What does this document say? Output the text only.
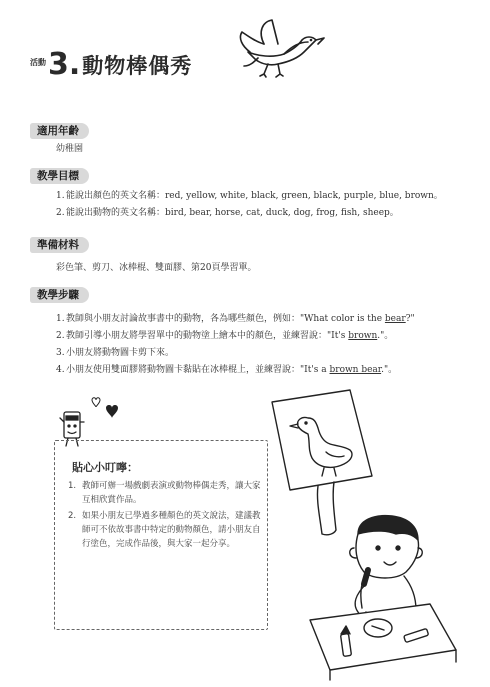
活動 3 . 動物棒偶秀
適用年齡
幼稚園
教學目標
1.能說出顏色的英文名稱：red, yellow, white, black, green, black, purple, blue, brown。
2.能說出動物的英文名稱：bird, bear, horse, cat, duck, dog, frog, fish, sheep。
準備材料
彩色筆、剪刀、冰棒棍、雙面膠、第20頁學習單。
教學步驟
1.教師與小朋友討論故事書中的動物，各為哪些顏色，例如："What color is the bear?"
2.教師引導小朋友將學習單中的動物塗上繪本中的顏色，並練習說："It's brown."。
3.小朋友將動物圖卡剪下來。
4.小朋友使用雙面膠將動物圖卡黏貼在冰棒棍上，並練習說："It's a brown bear."。
貼心小叮嚀：
1. 教師可辦一場戲劇表演或動物棒偶走秀，讓大家互相欣賞作品。
2. 如果小朋友已學過多種顏色的英文說法，建議教師可不依故事書中特定的動物顏色，請小朋友自行塗色，完成作品後，與大家一起分享。
